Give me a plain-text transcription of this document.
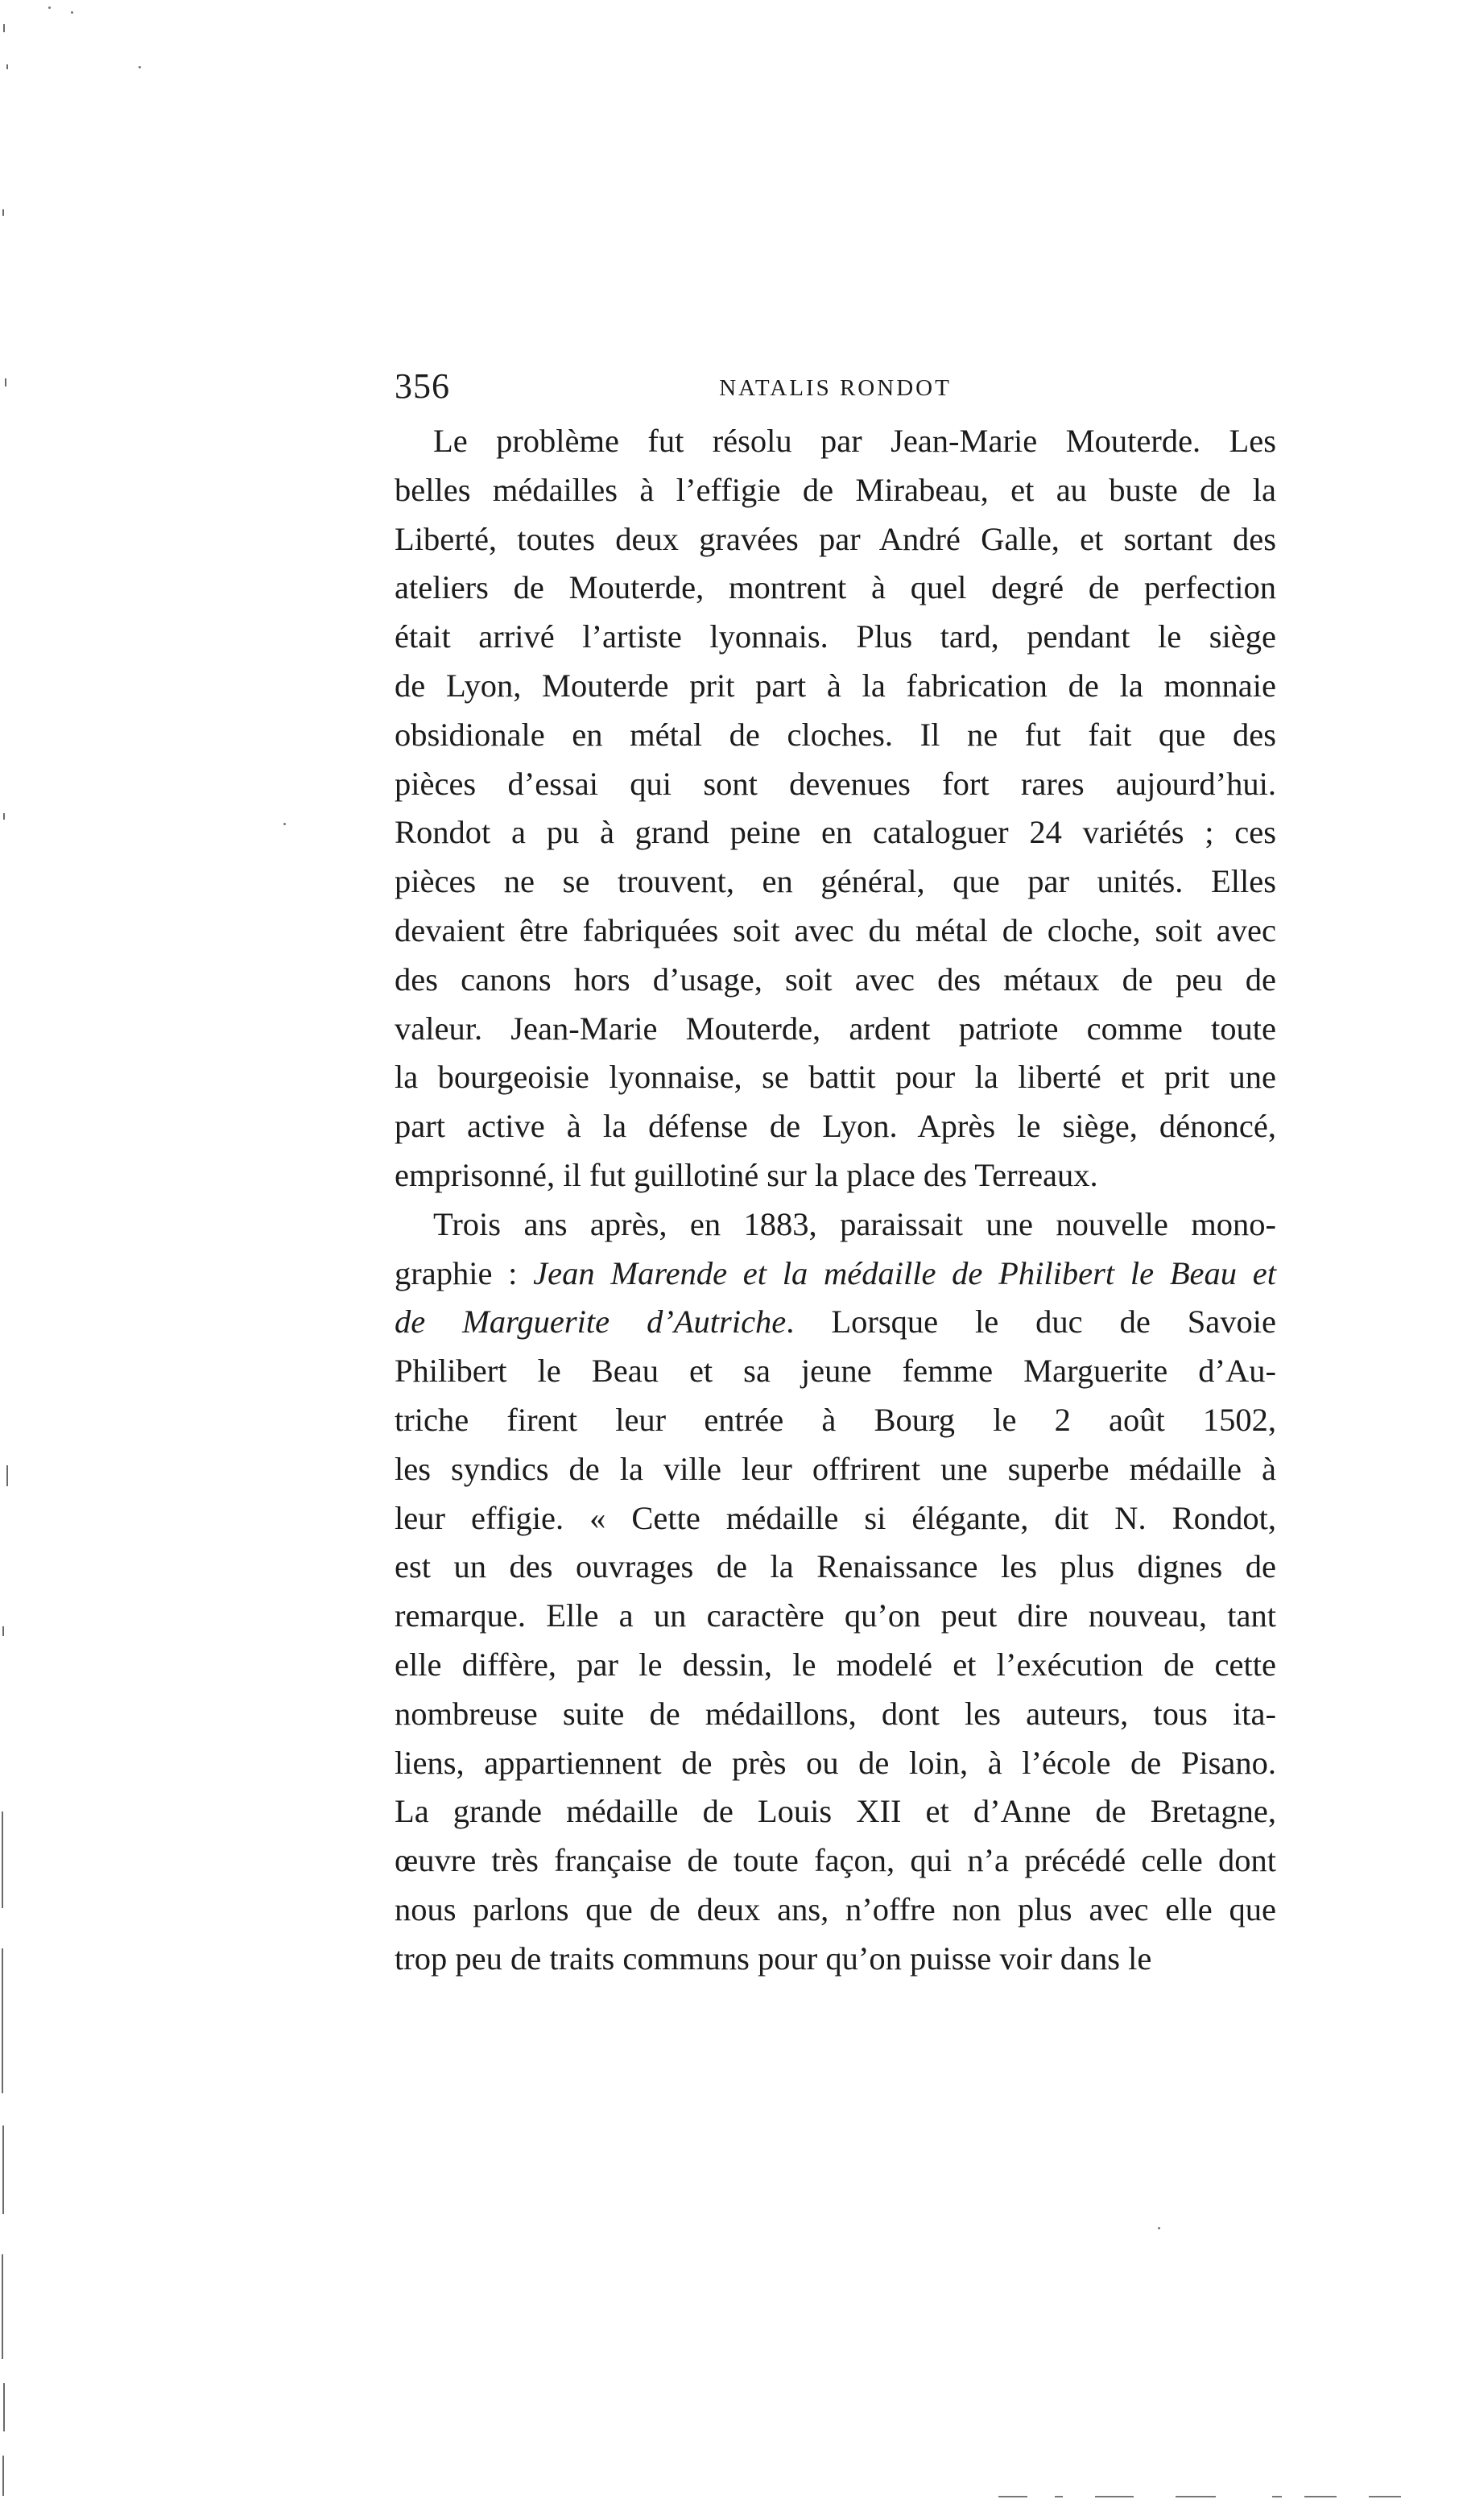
356	NATALIS RONDOT
Le problème fut résolu par Jean-Marie Mouterde. Les
belles médailles à l’effigie de Mirabeau, et au buste de la
Liberté, toutes deux gravées par André Galle, et sortant des
ateliers de Mouterde, montrent à quel degré de perfection
était arrivé l’artiste lyonnais. Plus tard, pendant le siège
de Lyon, Mouterde prit part à la fabrication de la monnaie
obsidionale en métal de cloches. Il ne fut fait que des
pièces d’essai qui sont devenues fort rares aujourd’hui.
Rondot a pu à grand peine en cataloguer 24 variétés ; ces
pièces ne se trouvent, en général, que par unités. Elles
devaient être fabriquées soit avec du métal de cloche, soit avec
des canons hors d’usage, soit avec des métaux de peu de
valeur. Jean-Marie Mouterde, ardent patriote comme toute
la bourgeoisie lyonnaise, se battit pour la liberté et prit une
part active à la défense de Lyon. Après le siège, dénoncé,
emprisonné, il fut guillotiné sur la place des Terreaux.
Trois ans après, en 1883, paraissait une nouvelle mono-
graphie : Jean Marende et la médaille de Philibert le Beau et
de Marguerite d’Autriche. Lorsque le duc de Savoie
Philibert le Beau et sa jeune femme Marguerite d’Au-
triche firent leur entrée à Bourg le 2 août 1502,
les syndics de la ville leur offrirent une superbe médaille à
leur effigie. « Cette médaille si élégante, dit N. Rondot,
est un des ouvrages de la Renaissance les plus dignes de
remarque. Elle a un caractère qu’on peut dire nouveau, tant
elle diffère, par le dessin, le modelé et l’exécution de cette
nombreuse suite de médaillons, dont les auteurs, tous ita-
liens, appartiennent de près ou de loin, à l’école de Pisano.
La grande médaille de Louis XII et d’Anne de Bretagne,
œuvre très française de toute façon, qui n’a précédé celle dont
nous parlons que de deux ans, n’offre non plus avec elle que
trop peu de traits communs pour qu’on puisse voir dans le
